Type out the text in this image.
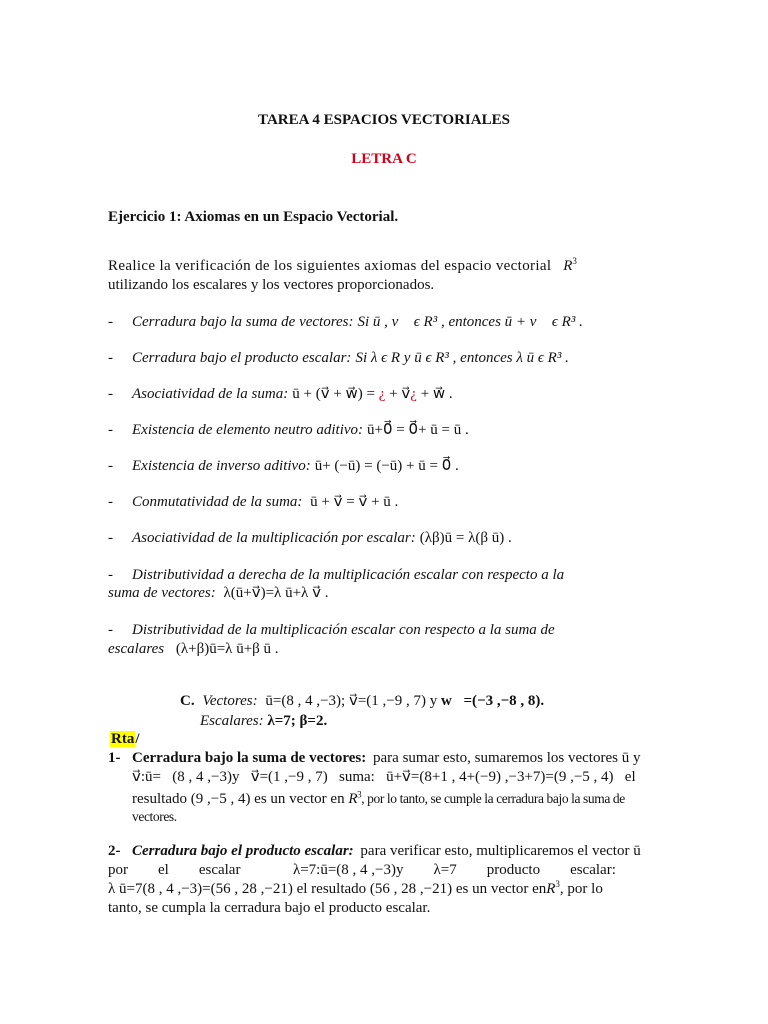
TAREA 4 ESPACIOS VECTORIALES
LETRA C
Ejercicio 1: Axiomas en un Espacio Vectorial.
Realice la verificación de los siguientes axiomas del espacio vectorial $R^3$
utilizando los escalares y los vectores proporcionados.
- Cerradura bajo la suma de vectores: Si ū , v⃗ ϵ R³ , entonces ū + v⃗ ϵ R³ .
- Cerradura bajo el producto escalar: Si λ ϵ R y ū ϵ R³ , entonces λ ū ϵ R³ .
- Asociatividad de la suma: ū + (v⃗ + w⃗) = ¿ + v⃗¿ + w⃗ .
- Existencia de elemento neutro aditivo: ū+0⃗ = 0⃗+ ū = ū .
- Existencia de inverso aditivo: ū+ (−ū) = (−ū) + ū = 0⃗ .
- Conmutatividad de la suma: ū + v⃗ = v⃗ + ū .
- Asociatividad de la multiplicación por escalar: (λβ)ū = λ(β ū) .
- Distributividad a derecha de la multiplicación escalar con respecto a la
suma de vectores: λ(ū+v⃗)=λ ū+λ v⃗ .
- Distributividad de la multiplicación escalar con respecto a la suma de
escalares (λ+β)ū=λ ū+β ū .
C. Vectores: ū=(8 , 4 ,−3); v⃗=(1 ,−9 , 7) y w⃗=(−3 ,−8 , 8).
Escalares: λ=7; β=2.
Rta/
1- Cerradura bajo la suma de vectores: para sumar esto, sumaremos los vectores ū y
v⃗:ū=   (8 , 4 ,−3)y   v⃗=(1 ,−9 , 7)   suma:   ū+v⃗=(8+1 , 4+(−9) ,−3+7)=(9 ,−5 , 4)   el
resultado (9 ,−5 , 4) es un vector en $R^3$, por lo tanto, se cumple la cerradura bajo la suma de
vectores.
2- Cerradura bajo el producto escalar: para verificar esto, multiplicaremos el vector ū
por        el        escalar              λ=7:ū=(8 , 4 ,−3)y        λ=7        producto        escalar:
λ ū=7(8 , 4 ,−3)=(56 , 28 ,−21) el resultado (56 , 28 ,−21) es un vector enR$^3$, por lo
tanto, se cumpla la cerradura bajo el producto escalar.
